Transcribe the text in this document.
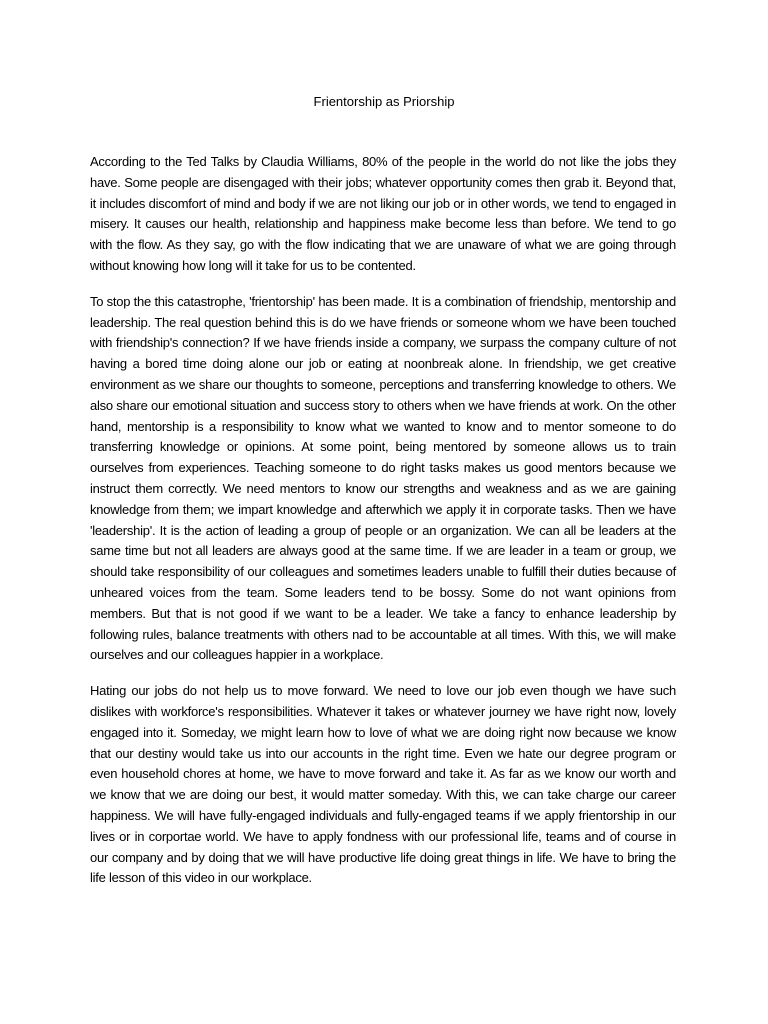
Frientorship as Priorship

According to the Ted Talks by Claudia Williams, 80% of the people in the world do not like the jobs they have. Some people are disengaged with their jobs; whatever opportunity comes then grab it. Beyond that, it includes discomfort of mind and body if we are not liking our job or in other words, we tend to engaged in misery. It causes our health, relationship and happiness make become less than before. We tend to go with the flow. As they say, go with the flow indicating that we are unaware of what we are going through without knowing how long will it take for us to be contented.

To stop the this catastrophe, 'frientorship' has been made. It is a combination of friendship, mentorship and leadership. The real question behind this is do we have friends or someone whom we have been touched with friendship's connection? If we have friends inside a company, we surpass the company culture of not having a bored time doing alone our job or eating at noonbreak alone. In friendship, we get creative environment as we share our thoughts to someone, perceptions and transferring knowledge to others. We also share our emotional situation and success story to others when we have friends at work. On the other hand, mentorship is a responsibility to know what we wanted to know and to mentor someone to do transferring knowledge or opinions. At some point, being mentored by someone allows us to train ourselves from experiences. Teaching someone to do right tasks makes us good mentors because we instruct them correctly. We need mentors to know our strengths and weakness and as we are gaining knowledge from them; we impart knowledge and afterwhich we apply it in corporate tasks. Then we have 'leadership'. It is the action of leading a group of people or an organization. We can all be leaders at the same time but not all leaders are always good at the same time. If we are leader in a team or group, we should take responsibility of our colleagues and sometimes leaders unable to fulfill their duties because of unheared voices from the team. Some leaders tend to be bossy. Some do not want opinions from members. But that is not good if we want to be a leader. We take a fancy to enhance leadership by following rules, balance treatments with others nad to be accountable at all times. With this, we will make ourselves and our colleagues happier in a workplace.

Hating our jobs do not help us to move forward. We need to love our job even though we have such dislikes with workforce's responsibilities. Whatever it takes or whatever journey we have right now, lovely engaged into it. Someday, we might learn how to love of what we are doing right now because we know that our destiny would take us into our accounts in the right time. Even we hate our degree program or even household chores at home, we have to move forward and take it. As far as we know our worth and we know that we are doing our best, it would matter someday. With this, we can take charge our career happiness. We will have fully-engaged individuals and fully-engaged teams if we apply frientorship in our lives or in corportae world. We have to apply fondness with our professional life, teams and of course in our company and by doing that we will have productive life doing great things in life. We have to bring the life lesson of this video in our workplace.
